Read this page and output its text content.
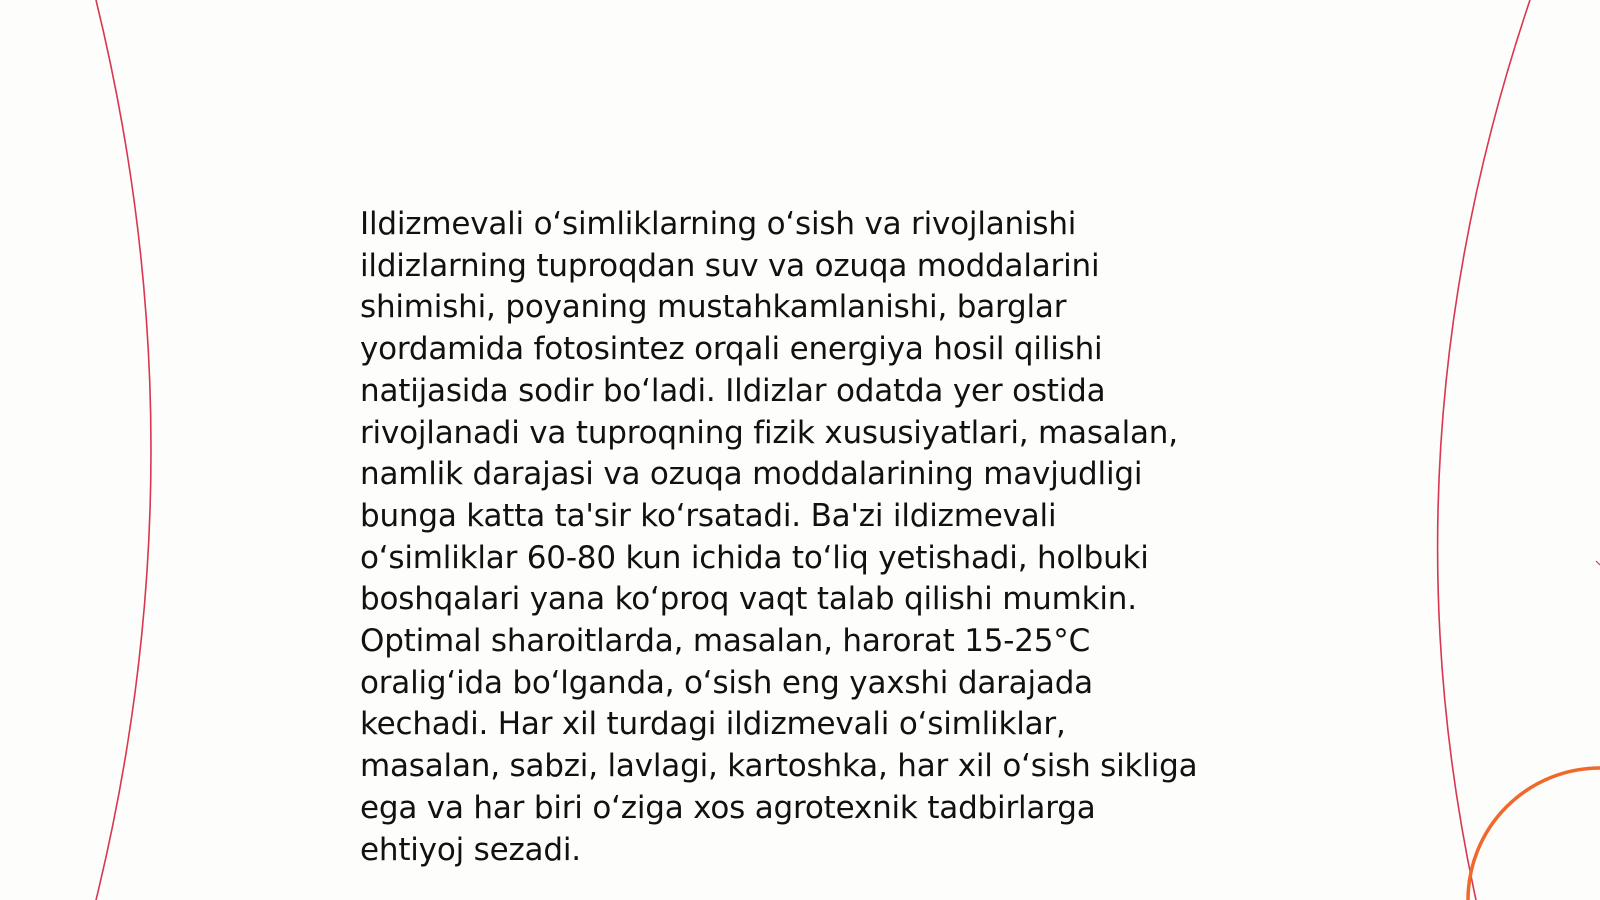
Ildizmevali o‘simliklarning o‘sish va rivojlanishi
ildizlarning tuproqdan suv va ozuqa moddalarini
shimishi, poyaning mustahkamlanishi, barglar
yordamida fotosintez orqali energiya hosil qilishi
natijasida sodir bo‘ladi. Ildizlar odatda yer ostida
rivojlanadi va tuproqning fizik xususiyatlari, masalan,
namlik darajasi va ozuqa moddalarining mavjudligi
bunga katta ta'sir ko‘rsatadi. Ba'zi ildizmevali
o‘simliklar 60-80 kun ichida to‘liq yetishadi, holbuki
boshqalari yana ko‘proq vaqt talab qilishi mumkin.
Optimal sharoitlarda, masalan, harorat 15-25°C
oralig‘ida bo‘lganda, o‘sish eng yaxshi darajada
kechadi. Har xil turdagi ildizmevali o‘simliklar,
masalan, sabzi, lavlagi, kartoshka, har xil o‘sish sikliga
ega va har biri o‘ziga xos agrotexnik tadbirlarga
ehtiyoj sezadi.
